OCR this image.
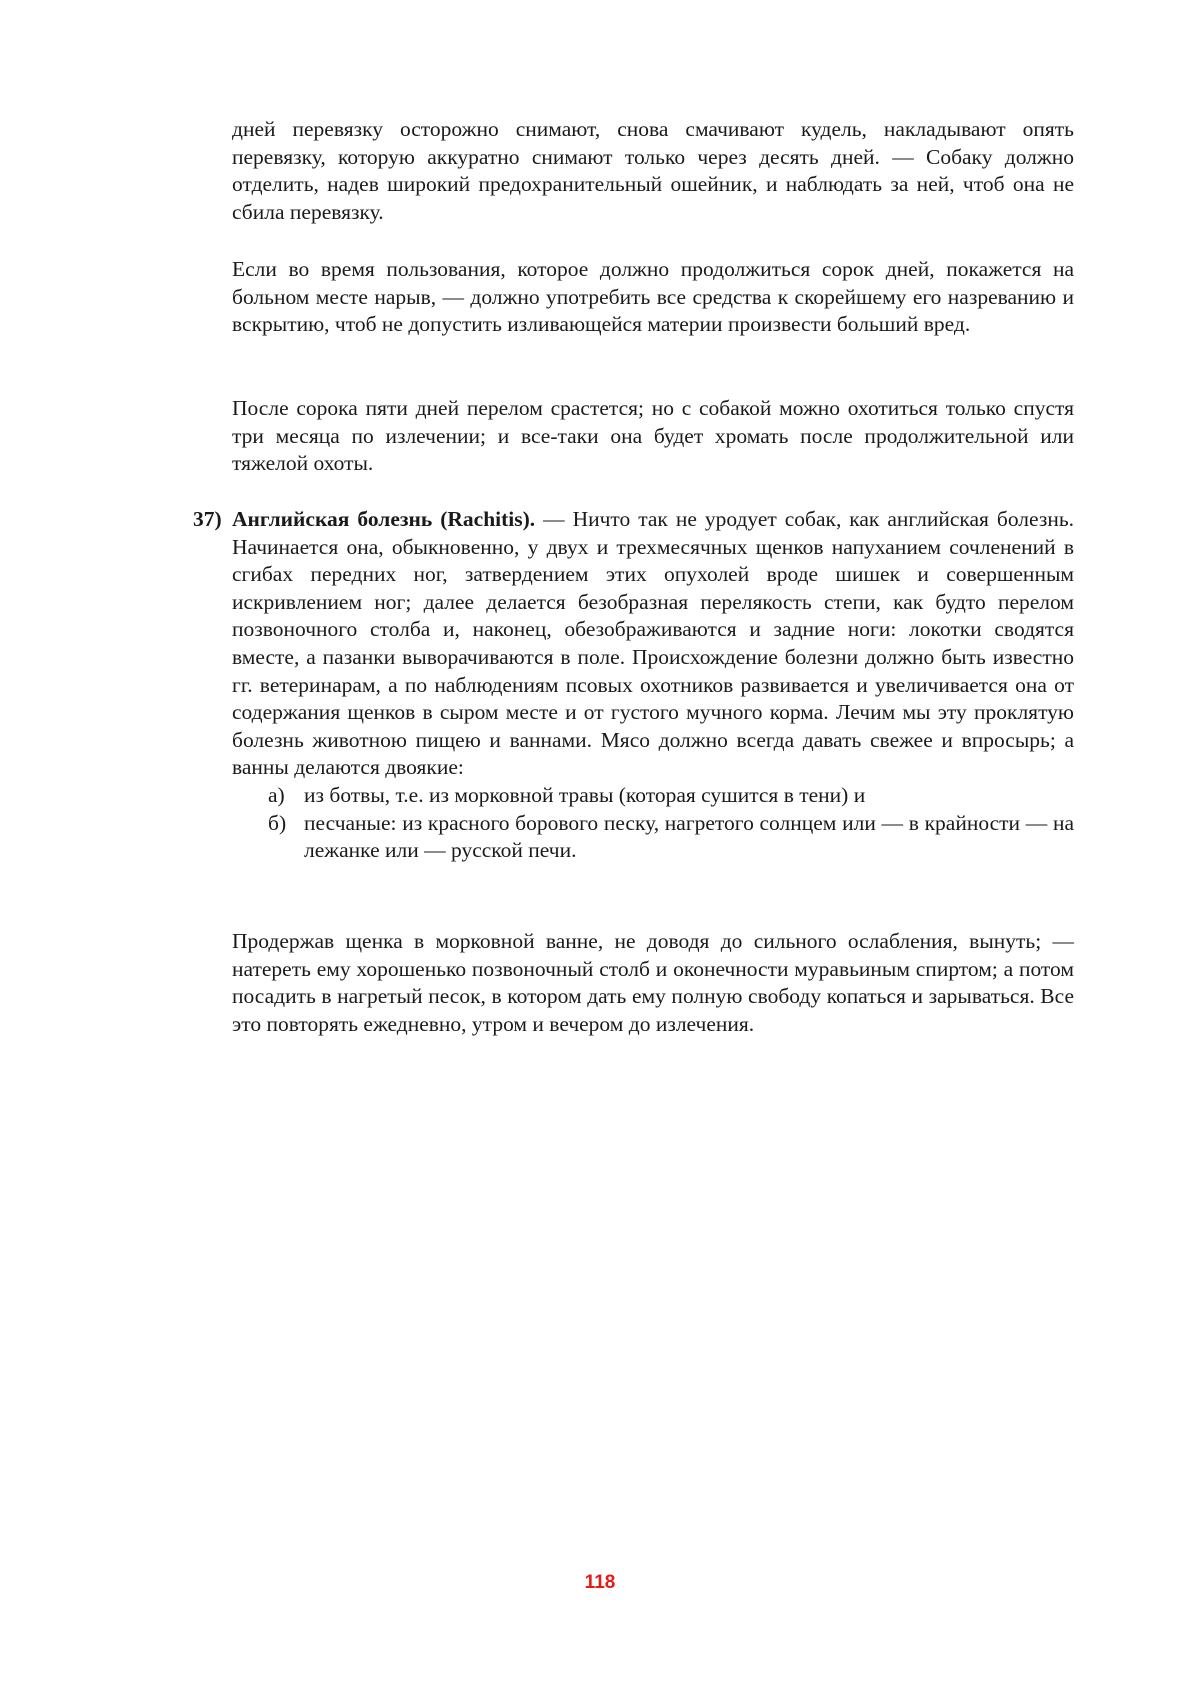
дней перевязку осторожно снимают, снова смачивают кудель, накладывают опять перевязку, которую аккуратно снимают только через десять дней. — Собаку должно отделить, надев широкий предохранительный ошейник, и наблюдать за ней, чтоб она не сбила перевязку.

Если во время пользования, которое должно продолжиться сорок дней, покажется на больном месте нарыв, — должно употребить все средства к скорейшему его назреванию и вскрытию, чтоб не допустить изливающейся материи произвести больший вред.

После сорока пяти дней перелом срастется; но с собакой можно охотиться только спустя три месяца по излечении; и все-таки она будет хромать после продолжительной или тяжелой охоты.

37) Английская болезнь (Rachitis). — Ничто так не уродует собак, как английская болезнь. Начинается она, обыкновенно, у двух и трехмесячных щенков напуханием сочленений в сгибах передних ног, затвердением этих опухолей вроде шишек и совершенным искривлением ног; далее делается безобразная перелякость степи, как будто перелом позвоночного столба и, наконец, обезображиваются и задние ноги: локотки сводятся вместе, а пазанки выворачиваются в поле. Происхождение болезни должно быть известно гг. ветеринарам, а по наблюдениям псовых охотников развивается и увеличивается она от содержания щенков в сыром месте и от густого мучного корма. Лечим мы эту проклятую болезнь животною пищею и ваннами. Мясо должно всегда давать свежее и впросырь; а ванны делаются двоякие:
а) из ботвы, т.е. из морковной травы (которая сушится в тени) и
б) песчаные: из красного борового песку, нагретого солнцем или — в крайности — на лежанке или — русской печи.

Продержав щенка в морковной ванне, не доводя до сильного ослабления, вынуть; — натереть ему хорошенько позвоночный столб и оконечности муравьиным спиртом; а потом посадить в нагретый песок, в котором дать ему полную свободу копаться и зарываться. Все это повторять ежедневно, утром и вечером до излечения.

118
